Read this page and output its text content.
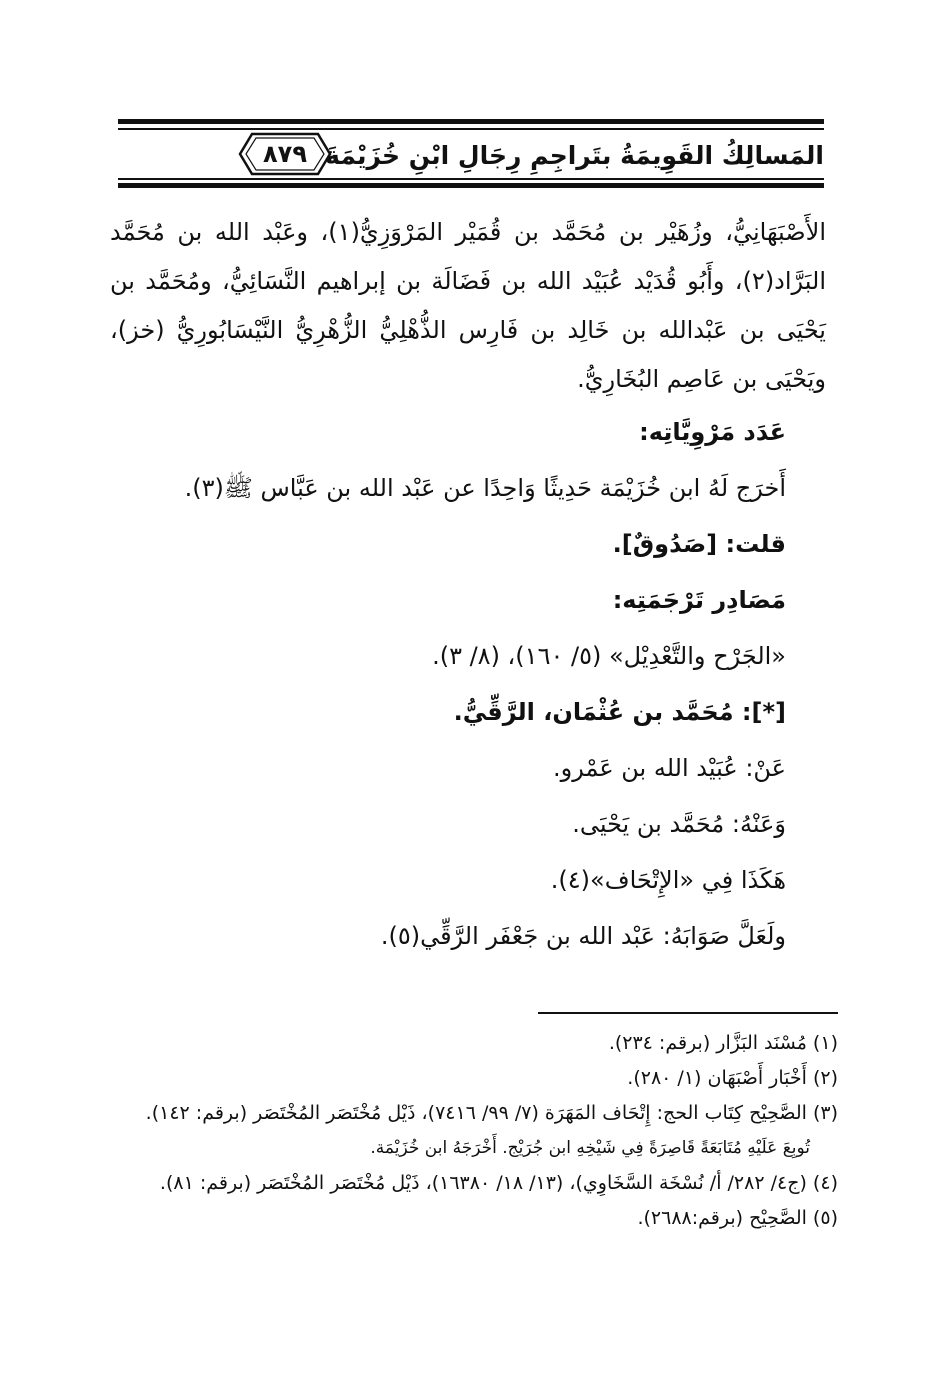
المَسالِكُ القَوِيمَةُ بتَراجِمِ رِجَالِ ابْنِ خُزَيْمَةَ
٨٧٩

الأَصْبَهَانِيُّ، وزُهَيْر بن مُحَمَّد بن قُمَيْر المَرْوَزِيُّ(١)، وعَبْد الله بن مُحَمَّد البَرَّاد(٢)، وأَبُو قُدَيْد عُبَيْد الله بن فَضَالَة بن إبراهيم النَّسَائِيُّ، ومُحَمَّد بن يَحْيَى بن عَبْدالله بن خَالِد بن فَارِس الذُّهْلِيُّ الزُّهْرِيُّ النَّيْسَابُورِيُّ (خز)، ويَحْيَى بن عَاصِم البُخَارِيُّ.

عَدَد مَرْوِيَّاتِه:

أَخرَج لَهُ ابن خُزَيْمَة حَدِيثًا وَاحِدًا عن عَبْد الله بن عَبَّاس ﷺ(٣).

قلت: [صَدُوقٌ].

مَصَادِر تَرْجَمَتِه:

«الجَرْح والتَّعْدِيْل» (٥/ ١٦٠)، (٨/ ٣).

[*]: مُحَمَّد بن عُثْمَان، الرَّقِّيُّ.

عَنْ: عُبَيْد الله بن عَمْرو.

وَعَنْهُ: مُحَمَّد بن يَحْيَى.

هَكَذَا فِي «الإِتْحَاف»(٤).

ولَعَلَّ صَوَابَهُ: عَبْد الله بن جَعْفَر الرَّقِّي(٥).

(١) مُسْنَد البَزَّار (برقم: ٢٣٤).

(٢) أَخْبَار أَصْبَهَان (١/ ٢٨٠).

(٣) الصَّحِيْح كِتَاب الحج: إِتْحَاف المَهَرَة (٧/ ٩٩/ ٧٤١٦)، ذَيْل مُخْتَصَر المُخْتَصَر (برقم: ١٤٢).

تُوبِعَ عَلَيْهِ مُتَابَعَةً قَاصِرَةً فِي شَيْخِهِ ابن جُرَيْج. أَخْرَجَهُ ابن خُزَيْمَة.

(٤) (ج٤/ ٢٨٢/ أ/ نُسْخَة السَّخَاوِي)، (١٣/ ١٨/ ١٦٣٨٠)، ذَيْل مُخْتَصَر المُخْتَصَر (برقم: ٨١).

(٥) الصَّحِيْح (برقم:٢٦٨٨).
